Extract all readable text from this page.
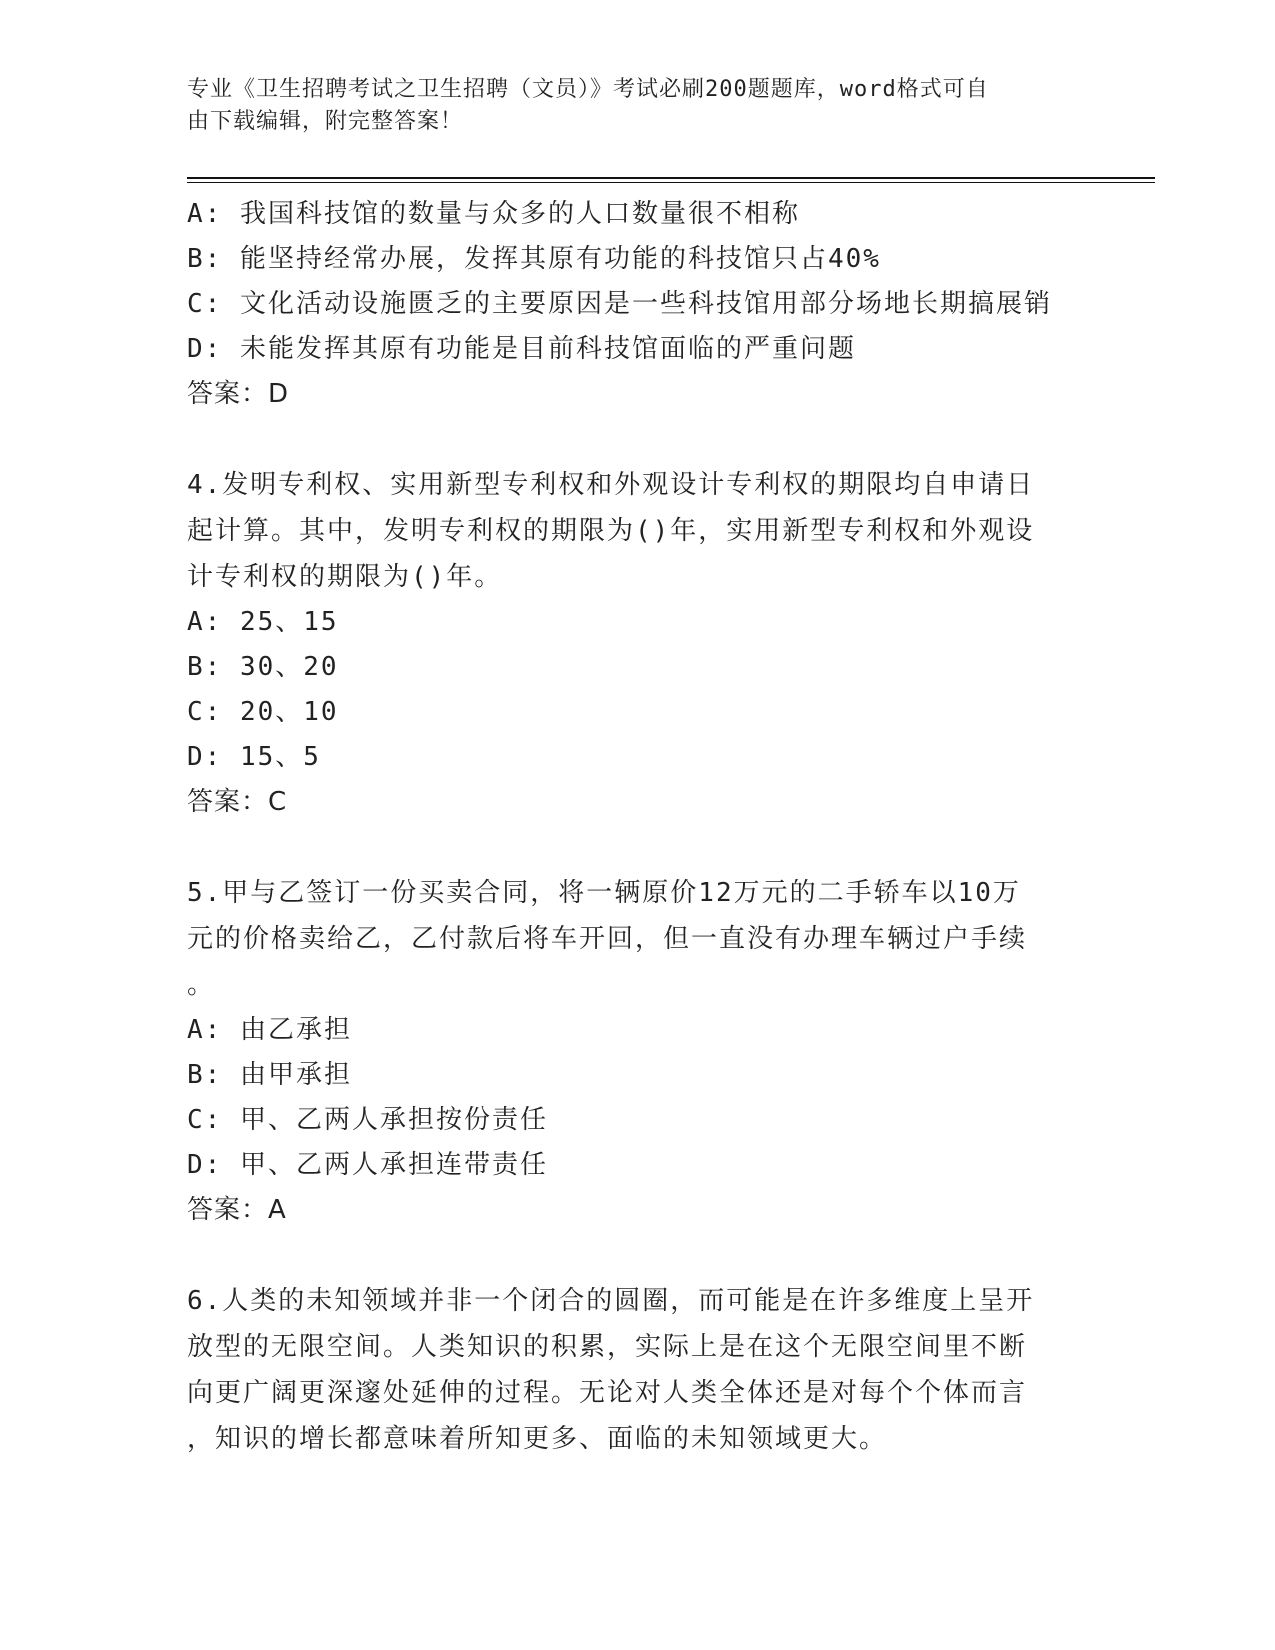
专业《卫生招聘考试之卫生招聘（文员）》考试必刷200题题库，word格式可自
由下载编辑，附完整答案！
A: 我国科技馆的数量与众多的人口数量很不相称
B: 能坚持经常办展，发挥其原有功能的科技馆只占40%
C: 文化活动设施匮乏的主要原因是一些科技馆用部分场地长期搞展销
D: 未能发挥其原有功能是目前科技馆面临的严重问题
答案：D
4.发明专利权、实用新型专利权和外观设计专利权的期限均自申请日
起计算。其中，发明专利权的期限为()年，实用新型专利权和外观设
计专利权的期限为()年。
A: 25、15
B: 30、20
C: 20、10
D: 15、5
答案：C
5.甲与乙签订一份买卖合同，将一辆原价12万元的二手轿车以10万
元的价格卖给乙，乙付款后将车开回，但一直没有办理车辆过户手续
。
A: 由乙承担
B: 由甲承担
C: 甲、乙两人承担按份责任
D: 甲、乙两人承担连带责任
答案：A
6.人类的未知领域并非一个闭合的圆圈，而可能是在许多维度上呈开
放型的无限空间。人类知识的积累，实际上是在这个无限空间里不断
向更广阔更深邃处延伸的过程。无论对人类全体还是对每个个体而言
，知识的增长都意味着所知更多、面临的未知领域更大。
